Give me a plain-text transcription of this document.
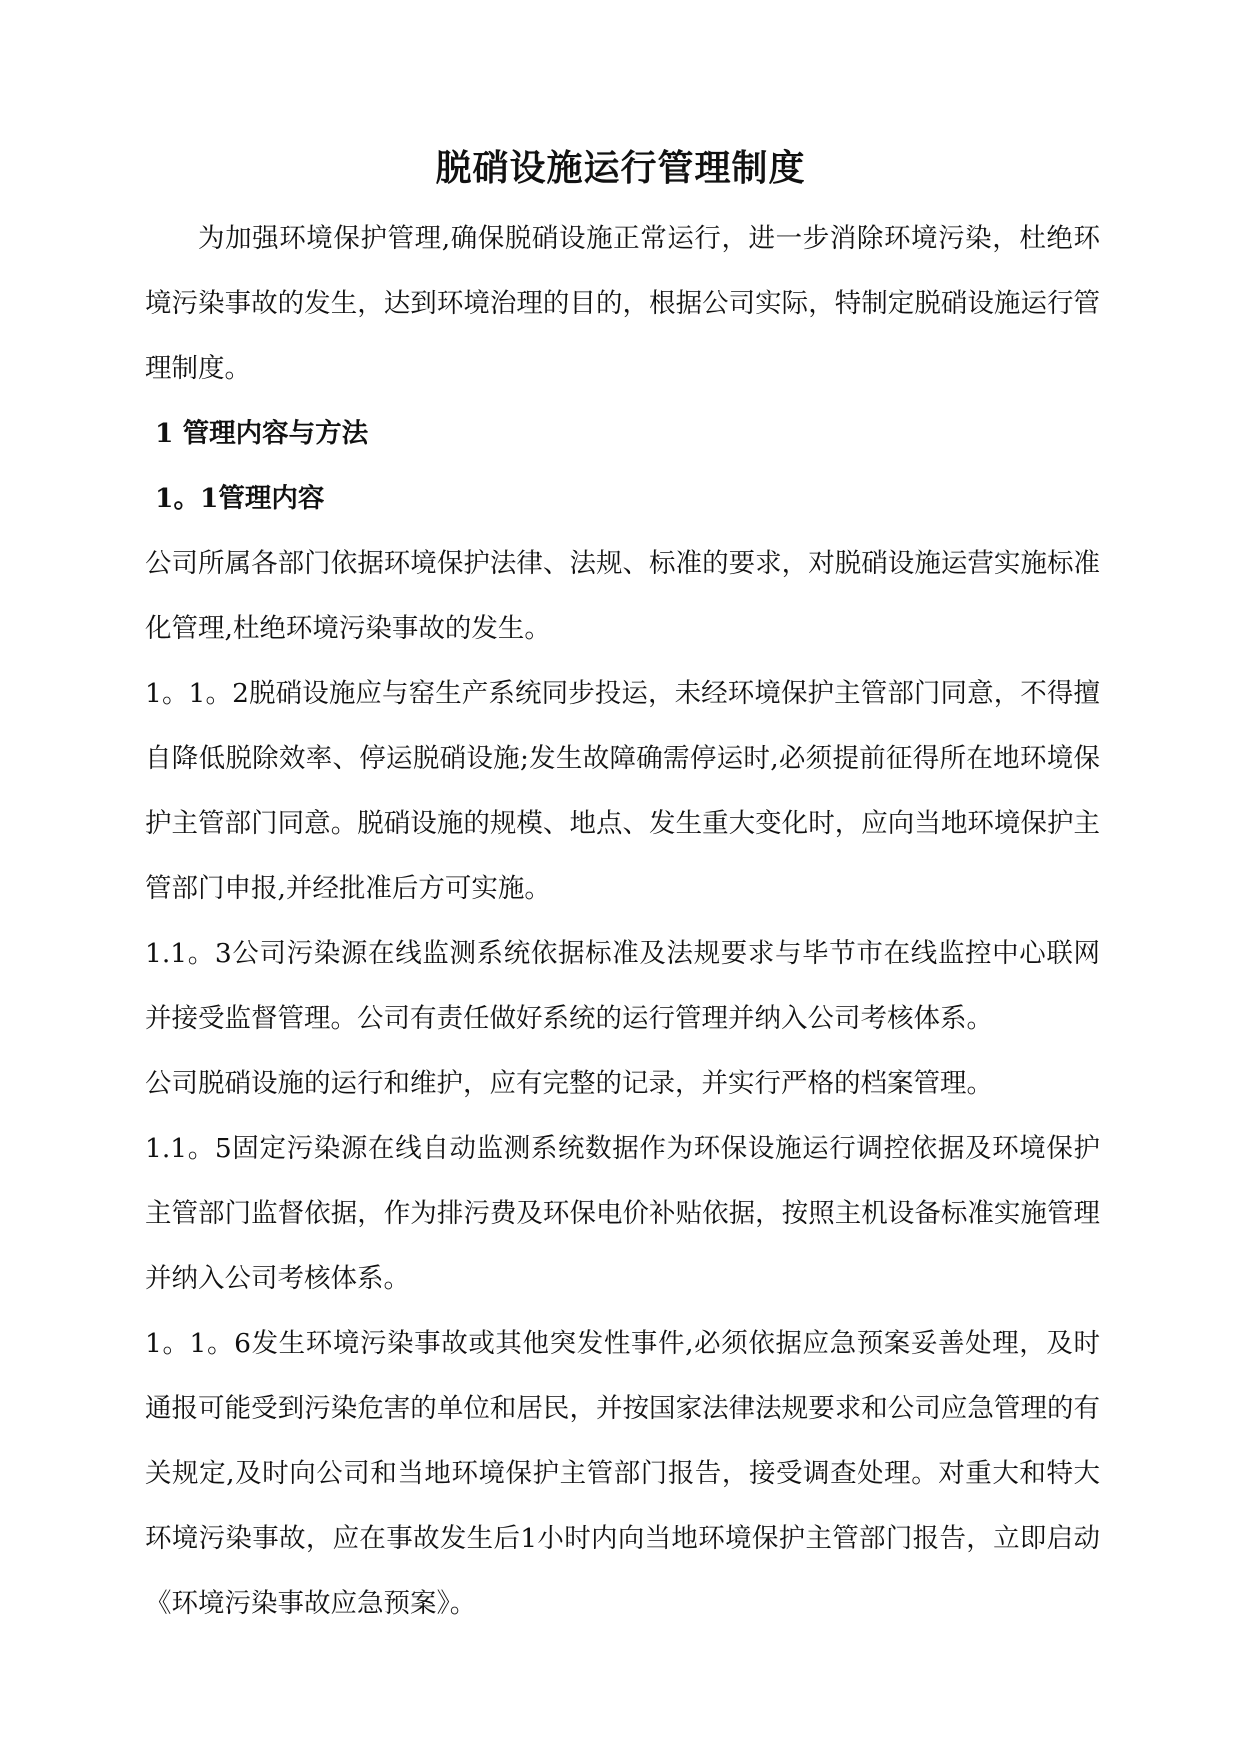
脱硝设施运行管理制度

为加强环境保护管理,确保脱硝设施正常运行，进一步消除环境污染，杜绝环境污染事故的发生，达到环境治理的目的，根据公司实际，特制定脱硝设施运行管理制度。

1 管理内容与方法

1。1管理内容

公司所属各部门依据环境保护法律、法规、标准的要求，对脱硝设施运营实施标准化管理,杜绝环境污染事故的发生。

1。1。2脱硝设施应与窑生产系统同步投运，未经环境保护主管部门同意，不得擅自降低脱除效率、停运脱硝设施;发生故障确需停运时,必须提前征得所在地环境保护主管部门同意。脱硝设施的规模、地点、发生重大变化时，应向当地环境保护主管部门申报,并经批准后方可实施。

1.1。3公司污染源在线监测系统依据标准及法规要求与毕节市在线监控中心联网并接受监督管理。公司有责任做好系统的运行管理并纳入公司考核体系。

公司脱硝设施的运行和维护，应有完整的记录，并实行严格的档案管理。

1.1。5固定污染源在线自动监测系统数据作为环保设施运行调控依据及环境保护主管部门监督依据，作为排污费及环保电价补贴依据，按照主机设备标准实施管理并纳入公司考核体系。

1。1。6发生环境污染事故或其他突发性事件,必须依据应急预案妥善处理，及时通报可能受到污染危害的单位和居民，并按国家法律法规要求和公司应急管理的有关规定,及时向公司和当地环境保护主管部门报告，接受调查处理。对重大和特大环境污染事故，应在事故发生后1小时内向当地环境保护主管部门报告，立即启动《环境污染事故应急预案》。
